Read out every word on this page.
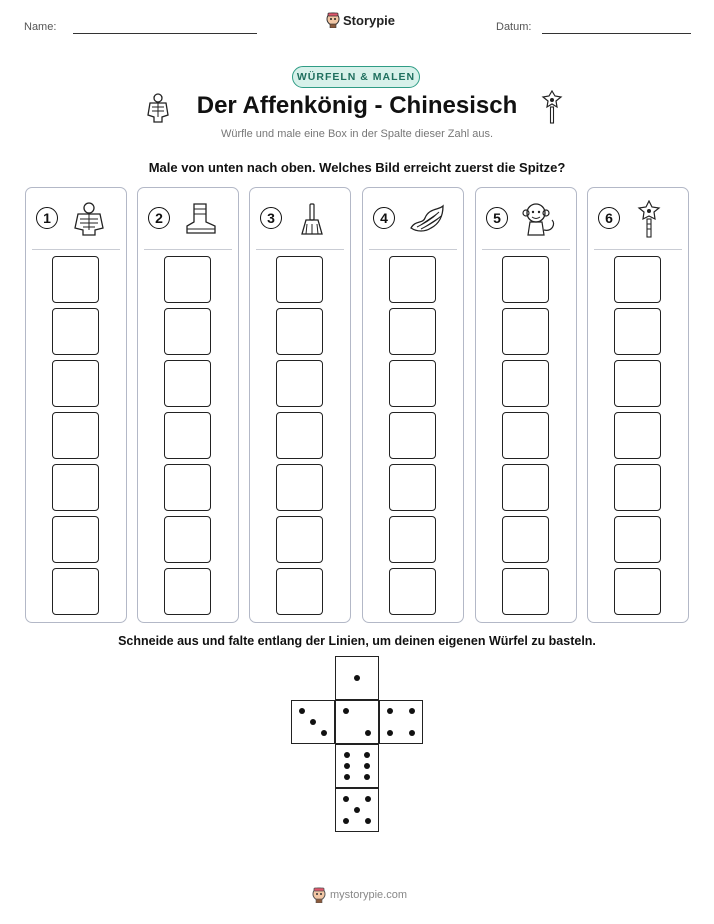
Name:	Storypie	Datum:
WÜRFELN & MALEN
Der Affenkönig - Chinesisch
Würfle und male eine Box in der Spalte dieser Zahl aus.
Male von unten nach oben. Welches Bild erreicht zuerst die Spitze?
1	2	3	4	5	6
Schneide aus und falte entlang der Linien, um deinen eigenen Würfel zu basteln.
mystorypie.com
